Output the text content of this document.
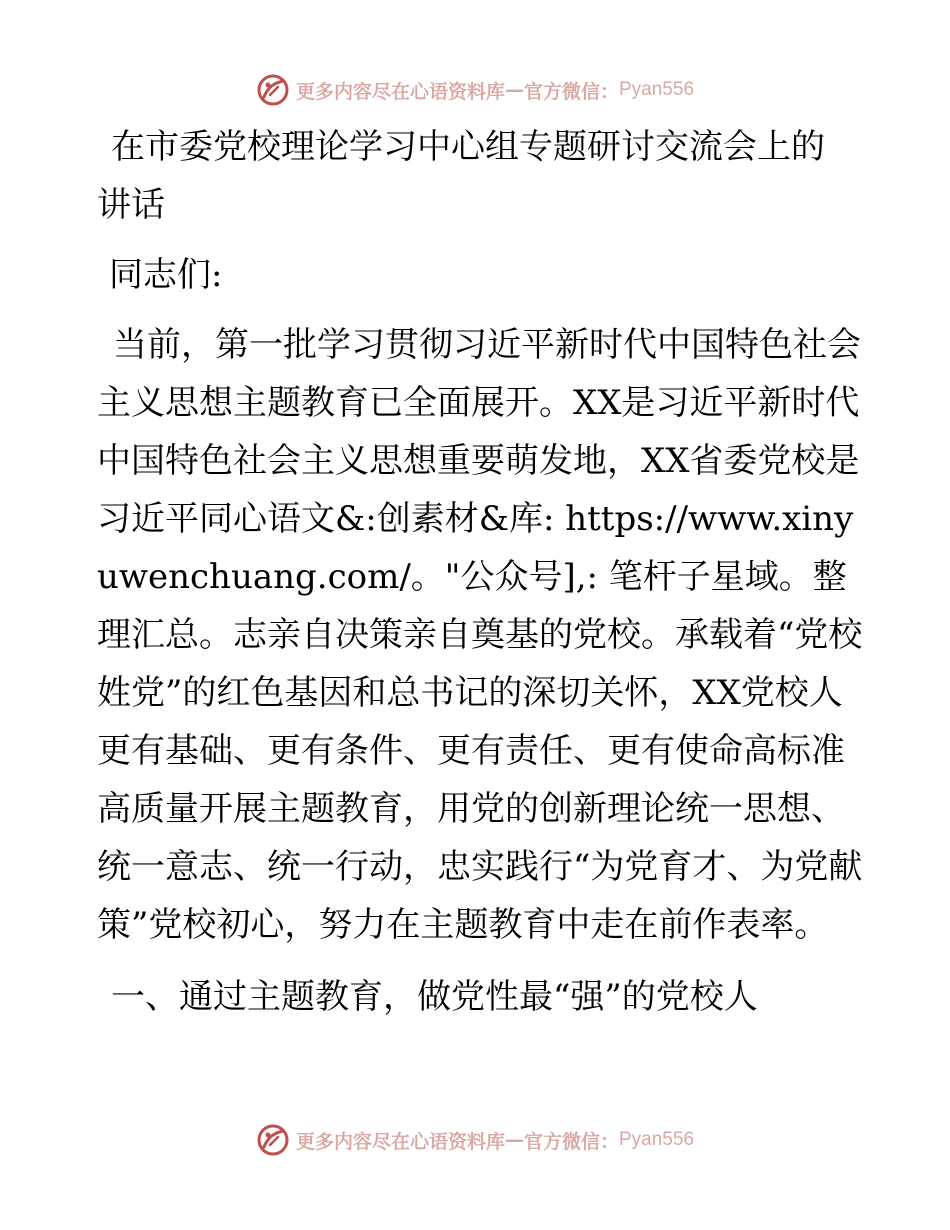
更多内容尽在心语资料库 — 官方微信： Pyan556
在市委党校理论学习中心组专题研讨交流会上的
讲话

同志们:

当前，第一批学习贯彻习近平新时代中国特色社会主义思想主题教育已全面展开。XX是习近平新时代中国特色社会主义思想重要萌发地，XX省委党校是习近平同心语文&:创素材&库: https://www.xinyuwenchuang.com/。"公众号],: 笔杆子星域。整理汇总。志亲自决策亲自奠基的党校。承载着“党校姓党”的红色基因和总书记的深切关怀，XX党校人更有基础、更有条件、更有责任、更有使命高标准高质量开展主题教育，用党的创新理论统一思想、统一意志、统一行动，忠实践行“为党育才、为党献策”党校初心，努力在主题教育中走在前作表率。

一、通过主题教育，做党性最“强”的党校人

更多内容尽在心语资料库 — 官方微信： Pyan556
